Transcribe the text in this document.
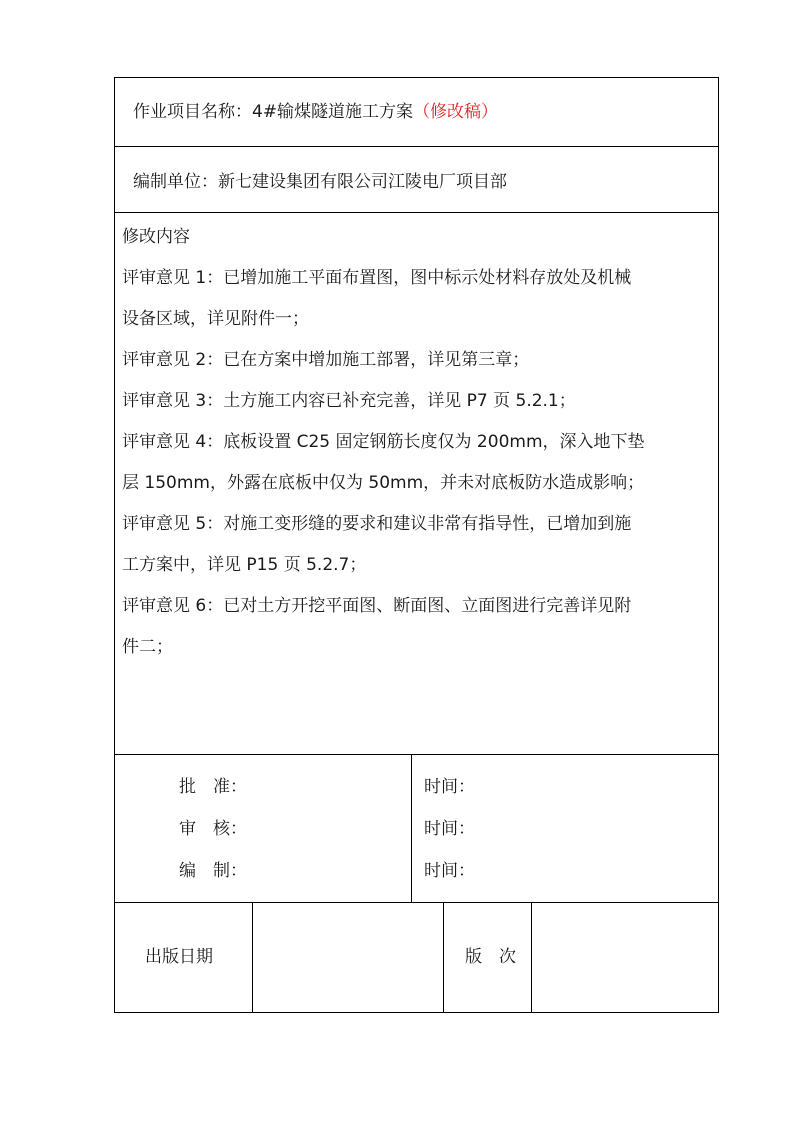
作业项目名称：4#输煤隧道施工方案（修改稿）
编制单位：新七建设集团有限公司江陵电厂项目部
修改内容
评审意见 1：已增加施工平面布置图，图中标示处材料存放处及机械
设备区域，详见附件一；
评审意见 2：已在方案中增加施工部署，详见第三章；
评审意见 3：土方施工内容已补充完善，详见 P7 页 5.2.1；
评审意见 4：底板设置 C25 固定钢筋长度仅为 200mm，深入地下垫
层 150mm，外露在底板中仅为 50mm，并未对底板防水造成影响；
评审意见 5：对施工变形缝的要求和建议非常有指导性，已增加到施
工方案中，详见 P15 页 5.2.7；
评审意见 6：已对土方开挖平面图、断面图、立面图进行完善详见附
件二；
批　准：
审　核：
编　制：
时间：
时间：
时间：
出版日期	版　次
